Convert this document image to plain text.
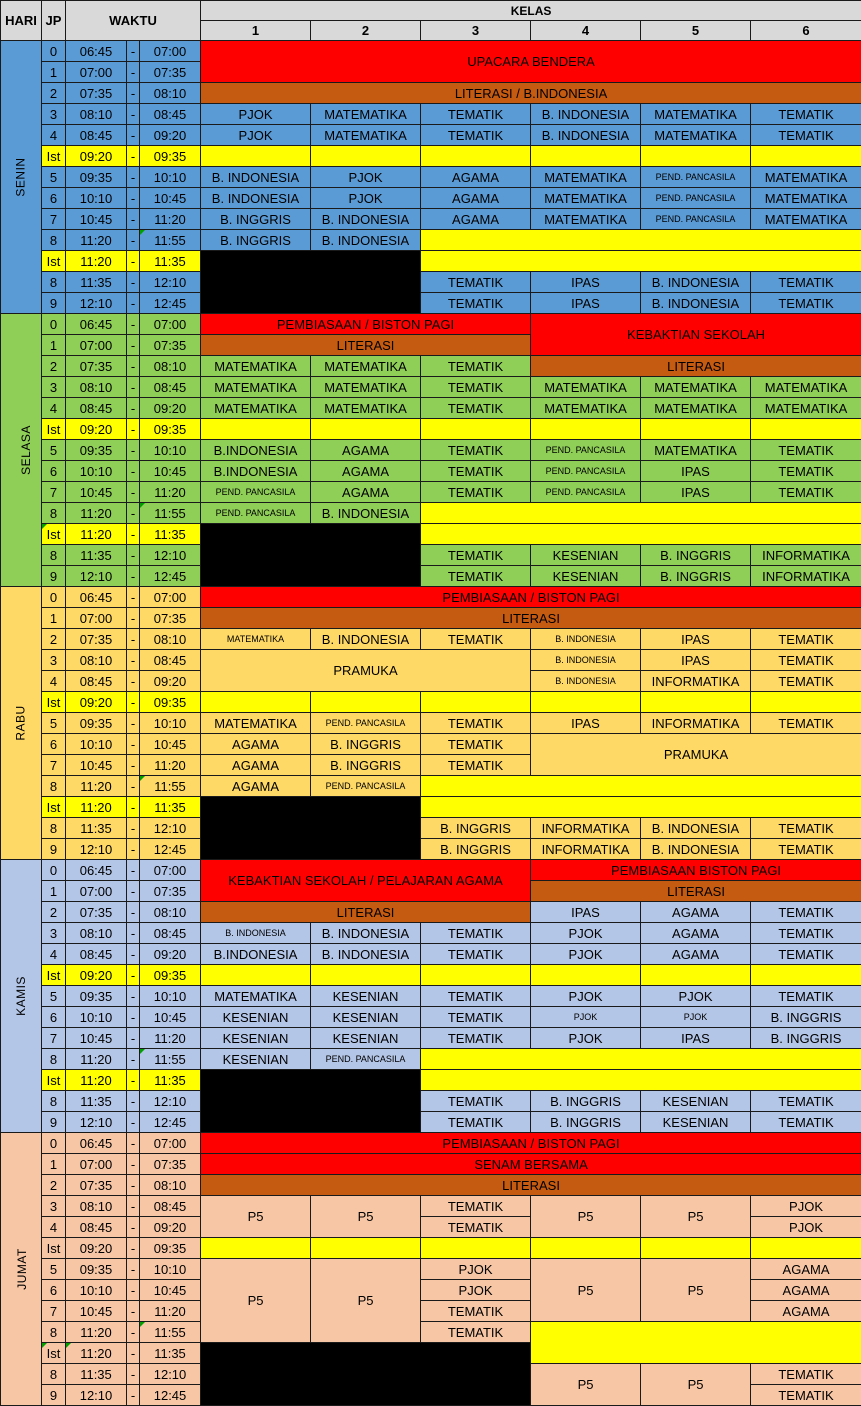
HARI	JP	WAKTU			KELAS					
					1	2	3	4	5	6
SENIN	0	06:45	-	07:00	UPACARA BENDERA					
	1	07:00	-	07:35						
	2	07:35	-	08:10	LITERASI / B.INDONESIA					
	3	08:10	-	08:45	PJOK	MATEMATIKA	TEMATIK	B. INDONESIA	MATEMATIKA	TEMATIK
	4	08:45	-	09:20	PJOK	MATEMATIKA	TEMATIK	B. INDONESIA	MATEMATIKA	TEMATIK
	Ist	09:20	-	09:35						
	5	09:35	-	10:10	B. INDONESIA	PJOK	AGAMA	MATEMATIKA	PEND. PANCASILA	MATEMATIKA
	6	10:10	-	10:45	B. INDONESIA	PJOK	AGAMA	MATEMATIKA	PEND. PANCASILA	MATEMATIKA
	7	10:45	-	11:20	B. INGGRIS	B. INDONESIA	AGAMA	MATEMATIKA	PEND. PANCASILA	MATEMATIKA
	8	11:20	-	11:55	B. INGGRIS	B. INDONESIA				
	Ist	11:20	-	11:35						
	8	11:35	-	12:10			TEMATIK	IPAS	B. INDONESIA	TEMATIK
	9	12:10	-	12:45			TEMATIK	IPAS	B. INDONESIA	TEMATIK
SELASA	0	06:45	-	07:00	PEMBIASAAN / BISTON PAGI			KEBAKTIAN SEKOLAH		
	1	07:00	-	07:35	LITERASI					
	2	07:35	-	08:10	MATEMATIKA	MATEMATIKA	TEMATIK	LITERASI		
	3	08:10	-	08:45	MATEMATIKA	MATEMATIKA	TEMATIK	MATEMATIKA	MATEMATIKA	MATEMATIKA
	4	08:45	-	09:20	MATEMATIKA	MATEMATIKA	TEMATIK	MATEMATIKA	MATEMATIKA	MATEMATIKA
	Ist	09:20	-	09:35						
	5	09:35	-	10:10	B.INDONESIA	AGAMA	TEMATIK	PEND. PANCASILA	MATEMATIKA	TEMATIK
	6	10:10	-	10:45	B.INDONESIA	AGAMA	TEMATIK	PEND. PANCASILA	IPAS	TEMATIK
	7	10:45	-	11:20	PEND. PANCASILA	AGAMA	TEMATIK	PEND. PANCASILA	IPAS	TEMATIK
	8	11:20	-	11:55	PEND. PANCASILA	B. INDONESIA				
	Ist	11:20	-	11:35						
	8	11:35	-	12:10			TEMATIK	KESENIAN	B. INGGRIS	INFORMATIKA
	9	12:10	-	12:45			TEMATIK	KESENIAN	B. INGGRIS	INFORMATIKA
RABU	0	06:45	-	07:00	PEMBIASAAN / BISTON PAGI					
	1	07:00	-	07:35	LITERASI					
	2	07:35	-	08:10	MATEMATIKA	B. INDONESIA	TEMATIK	B. INDONESIA	IPAS	TEMATIK
	3	08:10	-	08:45	PRAMUKA			B. INDONESIA	IPAS	TEMATIK
	4	08:45	-	09:20				B. INDONESIA	INFORMATIKA	TEMATIK
	Ist	09:20	-	09:35						
	5	09:35	-	10:10	MATEMATIKA	PEND. PANCASILA	TEMATIK	IPAS	INFORMATIKA	TEMATIK
	6	10:10	-	10:45	AGAMA	B. INGGRIS	TEMATIK	PRAMUKA		
	7	10:45	-	11:20	AGAMA	B. INGGRIS	TEMATIK			
	8	11:20	-	11:55	AGAMA	PEND. PANCASILA				
	Ist	11:20	-	11:35						
	8	11:35	-	12:10			B. INGGRIS	INFORMATIKA	B. INDONESIA	TEMATIK
	9	12:10	-	12:45			B. INGGRIS	INFORMATIKA	B. INDONESIA	TEMATIK
KAMIS	0	06:45	-	07:00	KEBAKTIAN SEKOLAH / PELAJARAN AGAMA			PEMBIASAAN BISTON PAGI		
	1	07:00	-	07:35				LITERASI		
	2	07:35	-	08:10	LITERASI			IPAS	AGAMA	TEMATIK
	3	08:10	-	08:45	B. INDONESIA	B. INDONESIA	TEMATIK	PJOK	AGAMA	TEMATIK
	4	08:45	-	09:20	B.INDONESIA	B. INDONESIA	TEMATIK	PJOK	AGAMA	TEMATIK
	Ist	09:20	-	09:35						
	5	09:35	-	10:10	MATEMATIKA	KESENIAN	TEMATIK	PJOK	PJOK	TEMATIK
	6	10:10	-	10:45	KESENIAN	KESENIAN	TEMATIK	PJOK	PJOK	B. INGGRIS
	7	10:45	-	11:20	KESENIAN	KESENIAN	TEMATIK	PJOK	IPAS	B. INGGRIS
	8	11:20	-	11:55	KESENIAN	PEND. PANCASILA				
	Ist	11:20	-	11:35						
	8	11:35	-	12:10			TEMATIK	B. INGGRIS	KESENIAN	TEMATIK
	9	12:10	-	12:45			TEMATIK	B. INGGRIS	KESENIAN	TEMATIK
JUMAT	0	06:45	-	07:00	PEMBIASAAN / BISTON PAGI					
	1	07:00	-	07:35	SENAM BERSAMA					
	2	07:35	-	08:10	LITERASI					
	3	08:10	-	08:45	P5	P5	TEMATIK	P5	P5	PJOK
	4	08:45	-	09:20			TEMATIK			PJOK
	Ist	09:20	-	09:35						
	5	09:35	-	10:10	P5	P5	PJOK	P5	P5	AGAMA
	6	10:10	-	10:45			PJOK			AGAMA
	7	10:45	-	11:20			TEMATIK			AGAMA
	8	11:20	-	11:55			TEMATIK			
	Ist	11:20	-	11:35						
	8	11:35	-	12:10				P5	P5	TEMATIK
	9	12:10	-	12:45						TEMATIK
